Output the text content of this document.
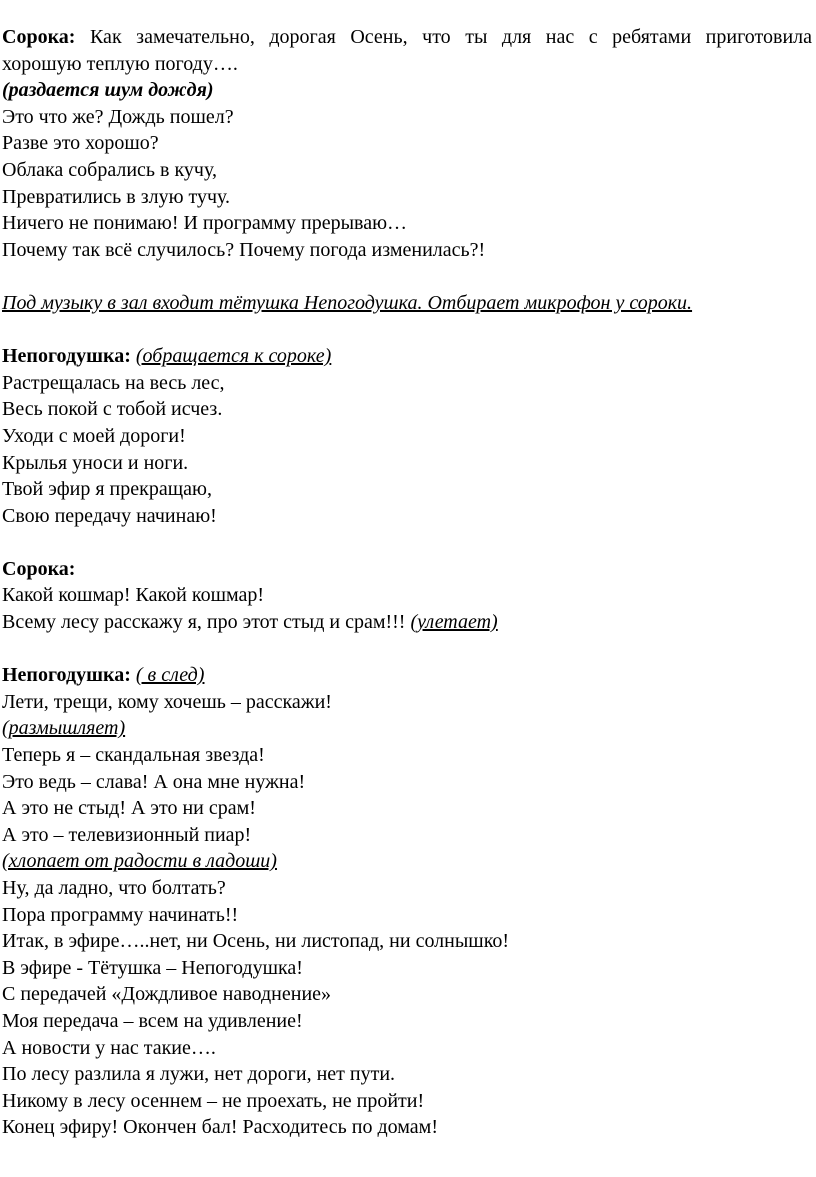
Сорока: Как замечательно, дорогая Осень, что ты для нас с ребятами приготовила

хорошую теплую погоду….

(раздается шум дождя)

Это что же? Дождь пошел?

Разве это хорошо?

Облака собрались в кучу,

Превратились в злую тучу.

Ничего не понимаю! И программу прерываю…

Почему так всё случилось? Почему погода изменилась?!

Под музыку в зал входит тётушка Непогодушка. Отбирает микрофон у сороки.

Непогодушка: (обращается к сороке)

Растрещалась на весь лес,

Весь покой с тобой исчез.

Уходи с моей дороги!

Крылья уноси и ноги.

Твой эфир я прекращаю,

Свою передачу начинаю!

Сорока:

Какой кошмар! Какой кошмар!

Всему лесу расскажу я, про этот стыд и срам!!! (улетает)

Непогодушка: ( в след)

Лети, трещи, кому хочешь – расскажи!

(размышляет)

Теперь я – скандальная звезда!

Это ведь – слава! А она мне нужна!

А это не стыд! А это ни срам!

А это – телевизионный пиар!

(хлопает от радости в ладоши)

Ну, да ладно, что болтать?

Пора программу начинать!!

Итак, в эфире…..нет, ни Осень, ни листопад, ни солнышко!

В эфире - Тётушка – Непогодушка!

С передачей «Дождливое наводнение»

Моя передача – всем на удивление!

А новости у нас такие….

По лесу разлила я лужи, нет дороги, нет пути.

Никому в лесу осеннем – не проехать, не пройти!

Конец эфиру! Окончен бал! Расходитесь по домам!
